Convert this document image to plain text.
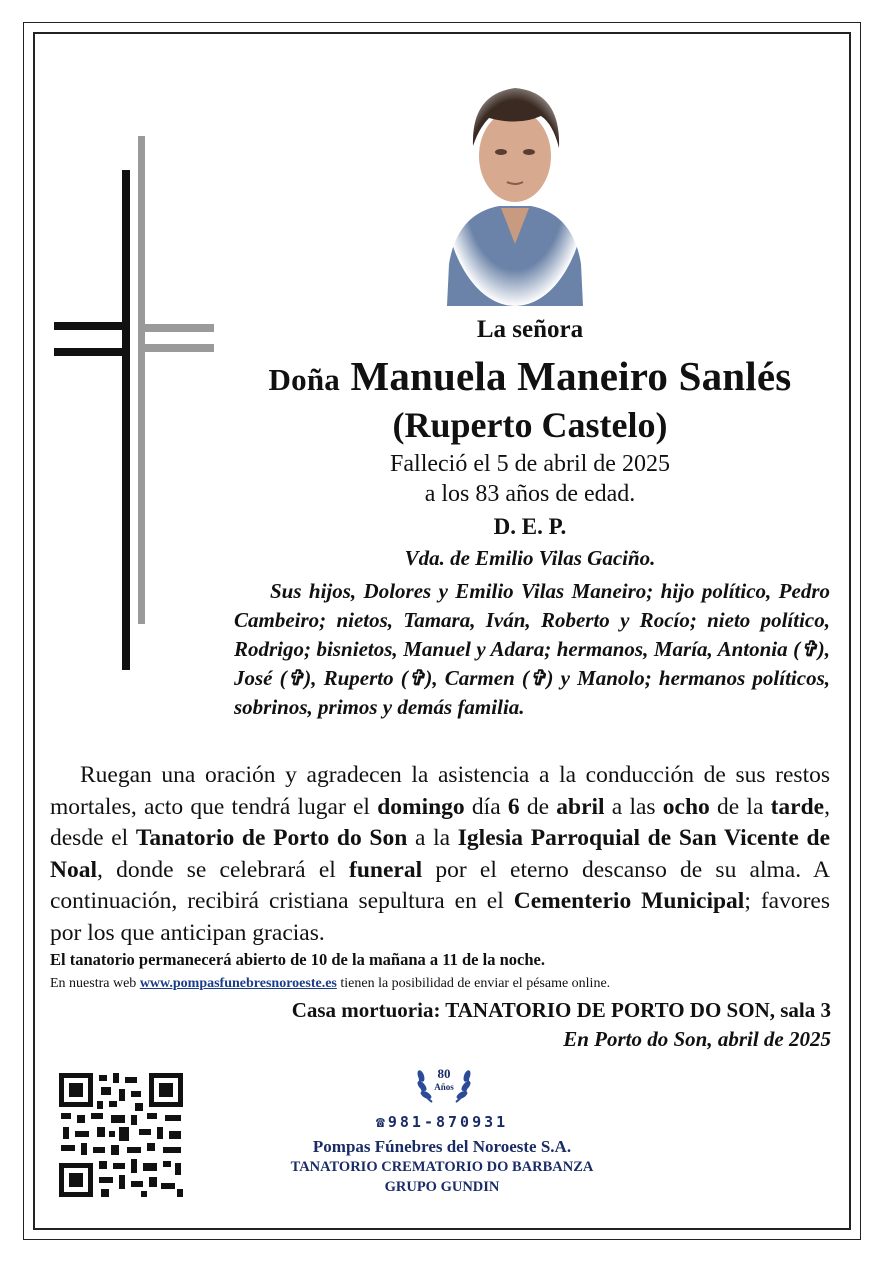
La señora
Doña Manuela Maneiro Sanlés
(Ruperto Castelo)
Falleció el 5 de abril de 2025
a los 83 años de edad.
D. E. P.
Vda. de Emilio Vilas Gaciño.
Sus hijos, Dolores y Emilio Vilas Maneiro; hijo político, Pedro Cambeiro; nietos, Tamara, Iván, Roberto y Rocío; nieto político, Rodrigo; bisnietos, Manuel y Adara; hermanos, María, Antonia (✞), José (✞), Ruperto (✞), Carmen (✞) y Manolo; hermanos políticos, sobrinos, primos y demás familia.
Ruegan una oración y agradecen la asistencia a la conducción de sus restos mortales, acto que tendrá lugar el domingo día 6 de abril a las ocho de la tarde, desde el Tanatorio de Porto do Son a la Iglesia Parroquial de San Vicente de Noal, donde se celebrará el funeral por el eterno descanso de su alma. A continuación, recibirá cristiana sepultura en el Cementerio Municipal; favores por los que anticipan gracias.
El tanatorio permanecerá abierto de 10 de la mañana a 11 de la noche.
En nuestra web www.pompasfunebresnoroeste.es tienen la posibilidad de enviar el pésame online.
Casa mortuoria: TANATORIO DE PORTO DO SON, sala 3
En Porto do Son, abril de 2025
80
Años
☎981-870931
Pompas Fúnebres del Noroeste S.A.
TANATORIO CREMATORIO DO BARBANZA
GRUPO GUNDIN
